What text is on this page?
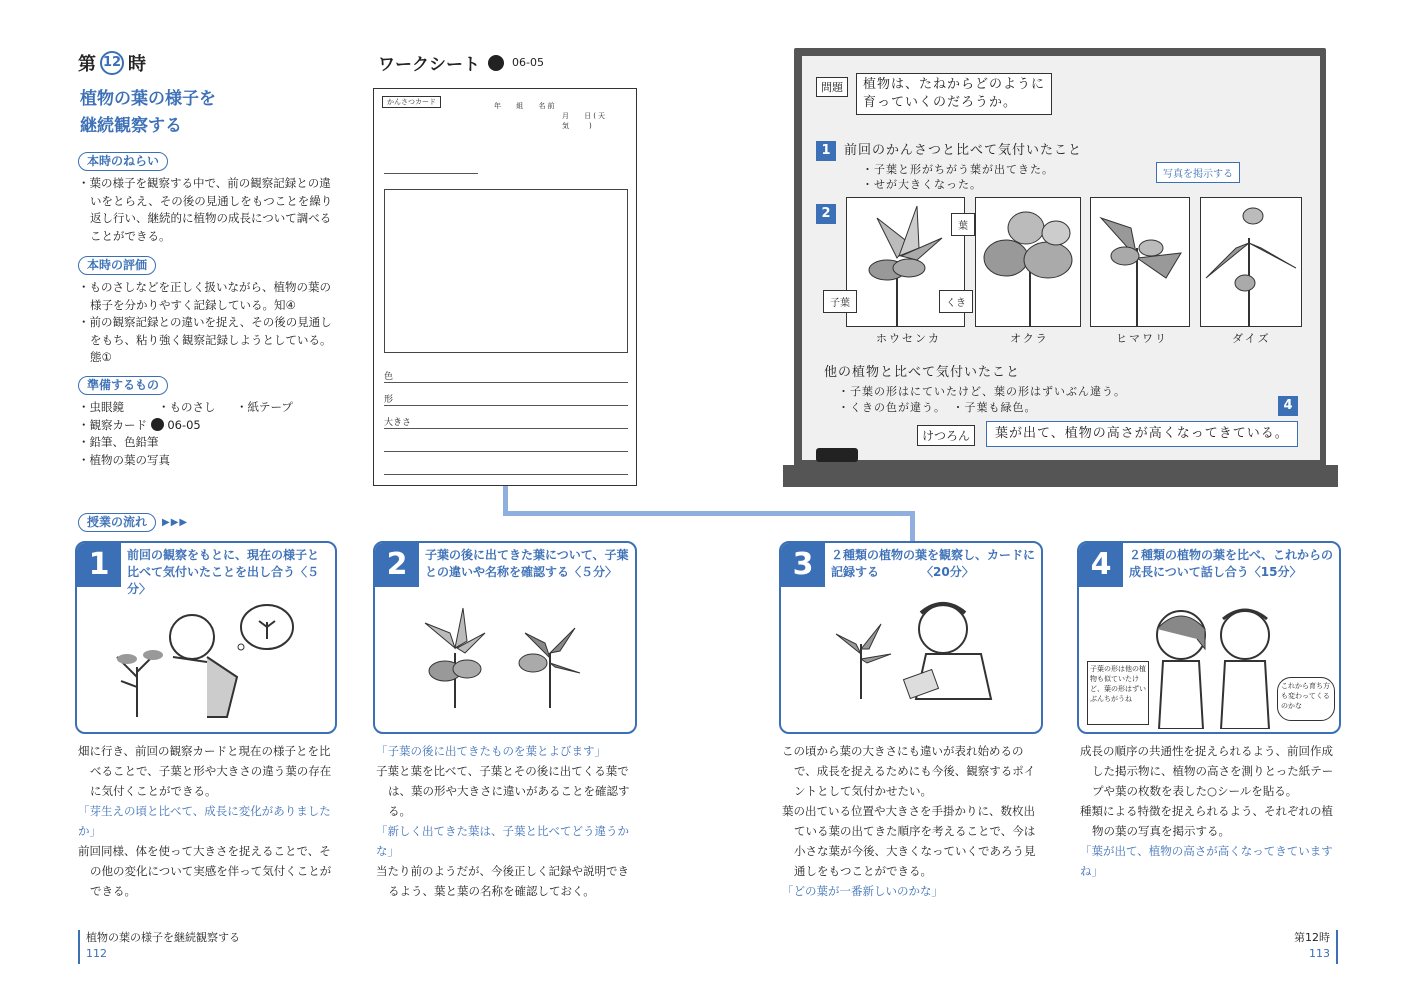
第 12 時
植物の葉の様子を
継続観察する
本時のねらい
・ 葉の様子を観察する中で、前の観察記録との違いをとらえ、その後の見通しをもつことを繰り返し行い、継続的に植物の成長について調べることができる。
本時の評価
・ ものさしなどを正しく扱いながら、植物の葉の様子を分かりやすく記録している。知④
・ 前の観察記録との違いを捉え、その後の見通しをもち、粘り強く観察記録しようとしている。態①
準備するもの
・ 虫眼鏡	・ ものさし	・ 紙テープ
・ 観察カード 06-05
・ 鉛筆、色鉛筆
・ 植物の葉の写真
ワークシート	06-05
かんさつカード	年　 組　 名前
月　 日(天気　　)
色
形
大きさ
問題	植物は、たねからどのように
育っていくのだろうか。
1	前回のかんさつと比べて気付いたこと
・子葉と形がちがう葉が出てきた。
・せが大きくなった。
写真を掲示する
2
葉
子葉	くき
ホウセンカ	オクラ	ヒマワリ	ダイズ
他の植物と比べて気付いたこと
・子葉の形はにていたけど、葉の形はずいぶん違う。
・くきの色が違う。　・子葉も緑色。	4
けつろん	葉が出て、植物の高さが高くなってきている。
授業の流れ	▶▶▶
1	前回の観察をもとに、現在の様子と比べて気付いたことを出し合う〈５分〉
2	子葉の後に出てきた葉について、子葉との違いや名称を確認する〈５分〉	3	２種類の植物の葉を観察し、カードに記録する　　　　〈20分〉	4	２種類の植物の葉を比べ、これからの成長について話し合う〈15分〉
子葉の形は他の植物も似ていたけど、葉の形はずいぶんちがうね
これから育ち方も変わってくるのかな

畑に行き、前回の観察カードと現在の様子とを比べることで、子葉と形や大きさの違う葉の存在に気付くことができる。

「芽生えの頃と比べて、成長に変化がありましたか」

前回同様、体を使って大きさを捉えることで、その他の変化について実感を伴って気付くことができる。

「子葉の後に出てきたものを葉とよびます」

子葉と葉を比べて、子葉とその後に出てくる葉では、葉の形や大きさに違いがあることを確認する。

「新しく出てきた葉は、子葉と比べてどう違うかな」

当たり前のようだが、今後正しく記録や説明できるよう、葉と葉の名称を確認しておく。

この頃から葉の大きさにも違いが表れ始めるので、成長を捉えるためにも今後、観察するポイントとして気付かせたい。

葉の出ている位置や大きさを手掛かりに、数枚出ている葉の出てきた順序を考えることで、今は小さな葉が今後、大きくなっていくであろう見通しをもつことができる。

「どの葉が一番新しいのかな」

成長の順序の共通性を捉えられるよう、前回作成した掲示物に、植物の高さを測りとった紙テープや葉の枚数を表した○シールを貼る。

種類による特徴を捉えられるよう、それぞれの植物の葉の写真を掲示する。

「葉が出て、植物の高さが高くなってきていますね」

植物の葉の様子を継続観察する
112
第12時
113
